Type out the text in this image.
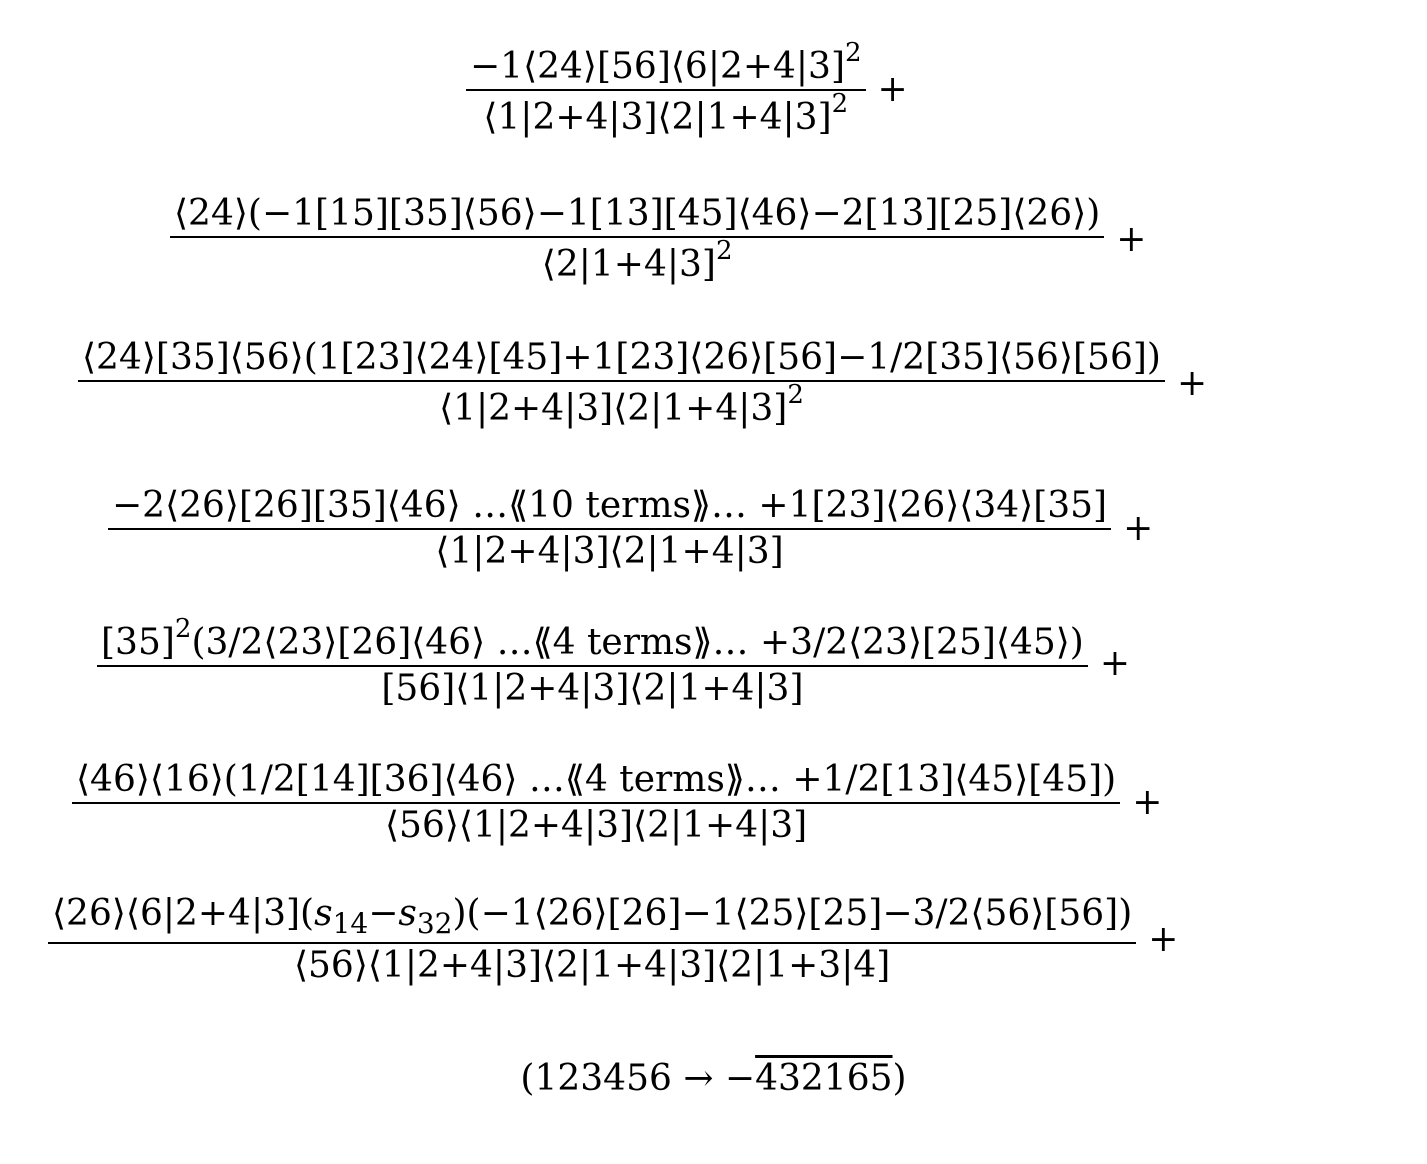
$\frac{-1⟨24⟩[56]⟨6|2+4|3]^2}{⟨1|2+4|3]⟨2|1+4|3]^2}$ +
$\frac{⟨24⟩(-1[15][35]⟨56⟩-1[13][45]⟨46⟩-2[13][25]⟨26⟩)}{⟨2|1+4|3]^2}$ +
$\frac{⟨24⟩[35]⟨56⟩(1[23]⟨24⟩[45]+1[23]⟨26⟩[56]-1/2[35]⟨56⟩[56])}{⟨1|2+4|3]⟨2|1+4|3]^2}$ +
$\frac{\text{−2⟨26⟩[26][35]⟨46⟩ …⟪10 terms⟫… +1[23]⟨26⟩⟨34⟩[35]}}{⟨1|2+4|3]⟨2|1+4|3]}$ +
$\frac{[35]^2(3/2⟨23⟩[26]⟨46⟩ \dots⟪4 terms⟫\dots +3/2⟨23⟩[25]⟨45⟩)}{[56]⟨1|2+4|3]⟨2|1+4|3]}$ +
$\frac{\text{⟨46⟩⟨16⟩(1/2[14][36]⟨46⟩ …⟪4 terms⟫… +1/2[13]⟨45⟩[45])}}{⟨56⟩⟨1|2+4|3]⟨2|1+4|3]}$ +
$\frac{⟨26⟩⟨6|2+4|3](s_{14}-s_{32})(-1⟨26⟩[26]-1⟨25⟩[25]-3/2⟨56⟩[56])}{⟨56⟩⟨1|2+4|3]⟨2|1+4|3]⟨2|1+3|4]}$ +
(123456 → −432165)
